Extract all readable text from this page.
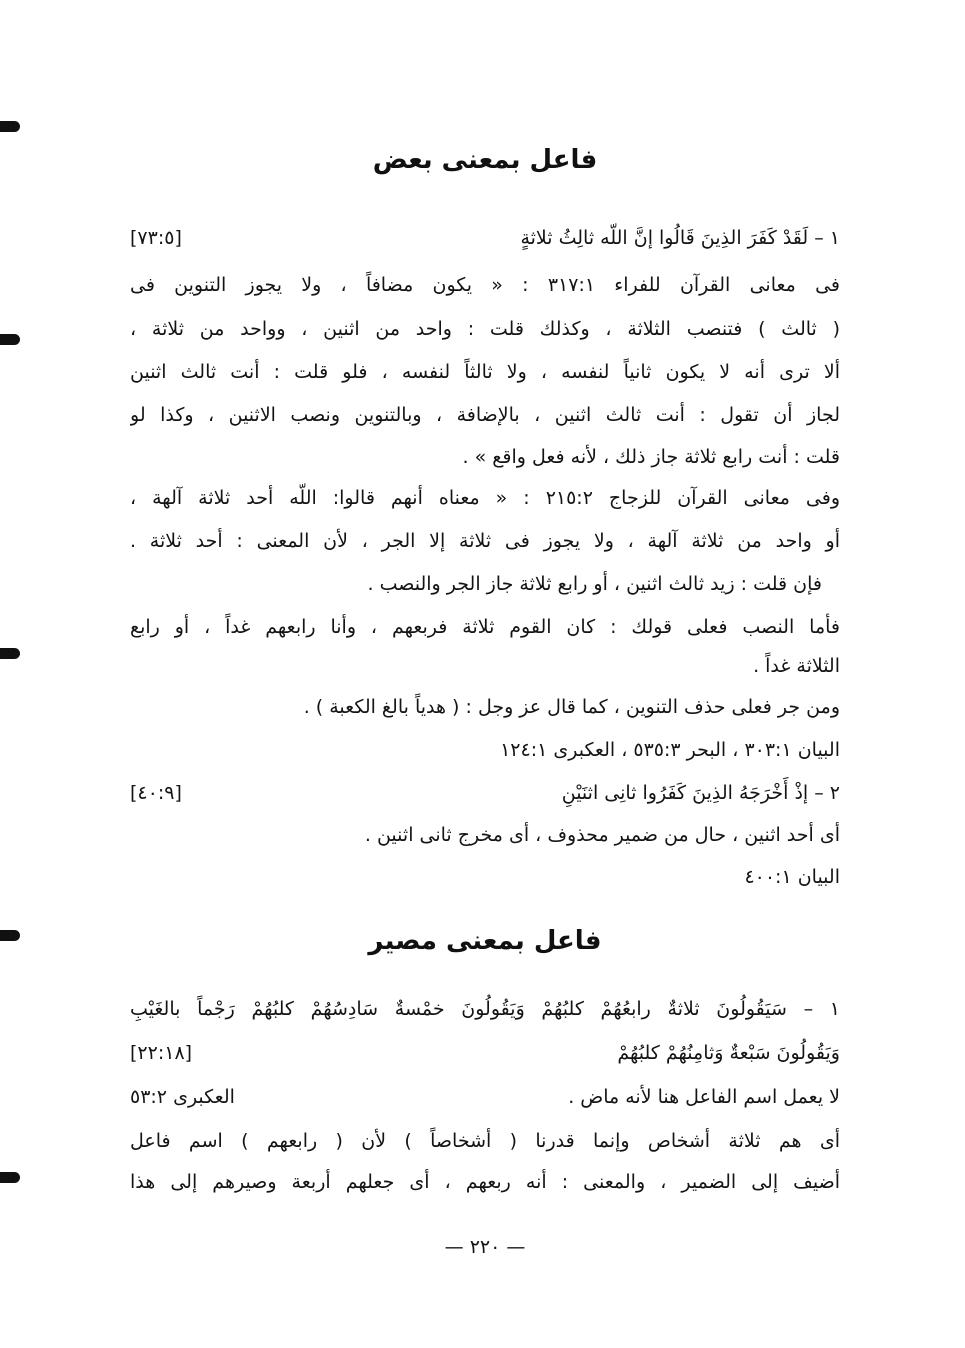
فاعل بمعنى بعض
١ – لَقَدْ كَفَرَ الذِينَ قَالُوا إنَّ اللّه ثالِثُ ثلاثةٍ
[٧٣:٥]
فى معانى القرآن للفراء ٣١٧:١ : « يكون مضافاً ، ولا يجوز التنوين فى
( ثالث ) فتنصب الثلاثة ، وكذلك قلت : واحد من اثنين ، وواحد من ثلاثة ،
ألا ترى أنه لا يكون ثانياً لنفسه ، ولا ثالثاً لنفسه ، فلو قلت : أنت ثالث اثنين
لجاز أن تقول : أنت ثالث اثنين ، بالإضافة ، وبالتنوين ونصب الاثنين ، وكذا لو
قلت : أنت رابع ثلاثة جاز ذلك ، لأنه فعل واقع » .
وفى معانى القرآن للزجاج ٢١٥:٢ : « معناه أنهم قالوا: اللّه أحد ثلاثة آلهة ،
أو واحد من ثلاثة آلهة ، ولا يجوز فى ثلاثة إلا الجر ، لأن المعنى : أحد ثلاثة .
فإن قلت : زيد ثالث اثنين ، أو رابع ثلاثة جاز الجر والنصب .
فأما النصب فعلى قولك : كان القوم ثلاثة فربعهم ، وأنا رابعهم غداً ، أو رابع
الثلاثة غداً .
ومن جر فعلى حذف التنوين ، كما قال عز وجل : ( هدياً بالغ الكعبة ) .
البيان ٣٠٣:١ ، البحر ٥٣٥:٣ ، العكبرى ١٢٤:١
٢ – إذْ أَخْرَجَهُ الذِينَ كَفَرُوا ثانِى اثنَيْنِ
[٤٠:٩]
أى أحد اثنين ، حال من ضمير محذوف ، أى مخرج ثانى اثنين .
البيان ٤٠٠:١
فاعل بمعنى مصير
١ – سَيَقُولُونَ ثلاثةٌ رابعُهُمْ كلبُهُمْ وَيَقُولُونَ خمْسةٌ سَادِسُهُمْ كلبُهُمْ رَجْماً بالغَيْبِ
وَيَقُولُونَ سَبْعةٌ وَثامِنُهُمْ كلبُهُمْ
[٢٢:١٨]
لا يعمل اسم الفاعل هنا لأنه ماض .
العكبرى ٥٣:٢
أى هم ثلاثة أشخاص وإنما قدرنا ( أشخاصاً ) لأن ( رابعهم ) اسم فاعل
أضيف إلى الضمير ، والمعنى : أنه ربعهم ، أى جعلهم أربعة وصيرهم إلى هذا
— ٢٢٠ —
